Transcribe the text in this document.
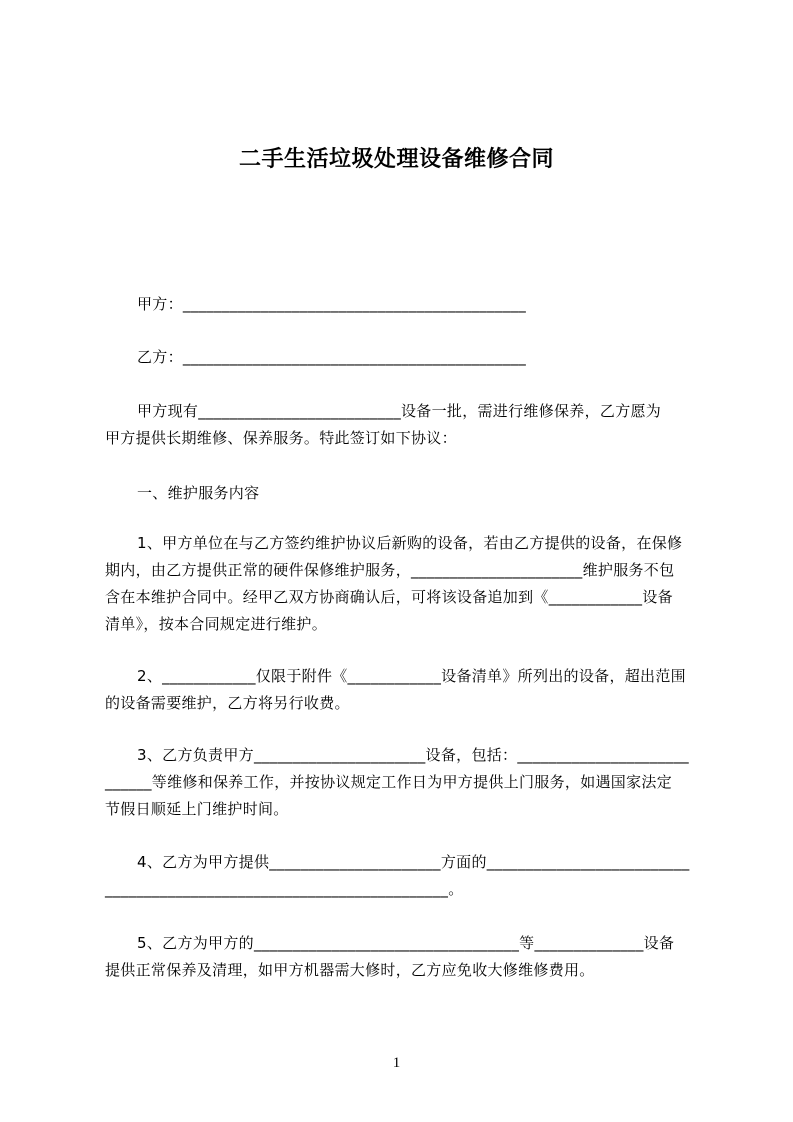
二手生活垃圾处理设备维修合同
甲方：____________________________________________
乙方：____________________________________________
甲方现有__________________________设备一批，需进行维修保养，乙方愿为
甲方提供长期维修、保养服务。特此签订如下协议：
一、维护服务内容
1、甲方单位在与乙方签约维护协议后新购的设备，若由乙方提供的设备，在保修
期内，由乙方提供正常的硬件保修维护服务，______________________维护服务不包
含在本维护合同中。经甲乙双方协商确认后，可将该设备追加到《____________设备
清单》，按本合同规定进行维护。
2、____________仅限于附件《____________设备清单》所列出的设备，超出范围
的设备需要维护，乙方将另行收费。
3、乙方负责甲方______________________设备，包括：______________________
______等维修和保养工作，并按协议规定工作日为甲方提供上门服务，如遇国家法定
节假日顺延上门维护时间。
4、乙方为甲方提供______________________方面的__________________________
____________________________________________。
5、乙方为甲方的__________________________________等______________设备
提供正常保养及清理，如甲方机器需大修时，乙方应免收大修维修费用。
1
